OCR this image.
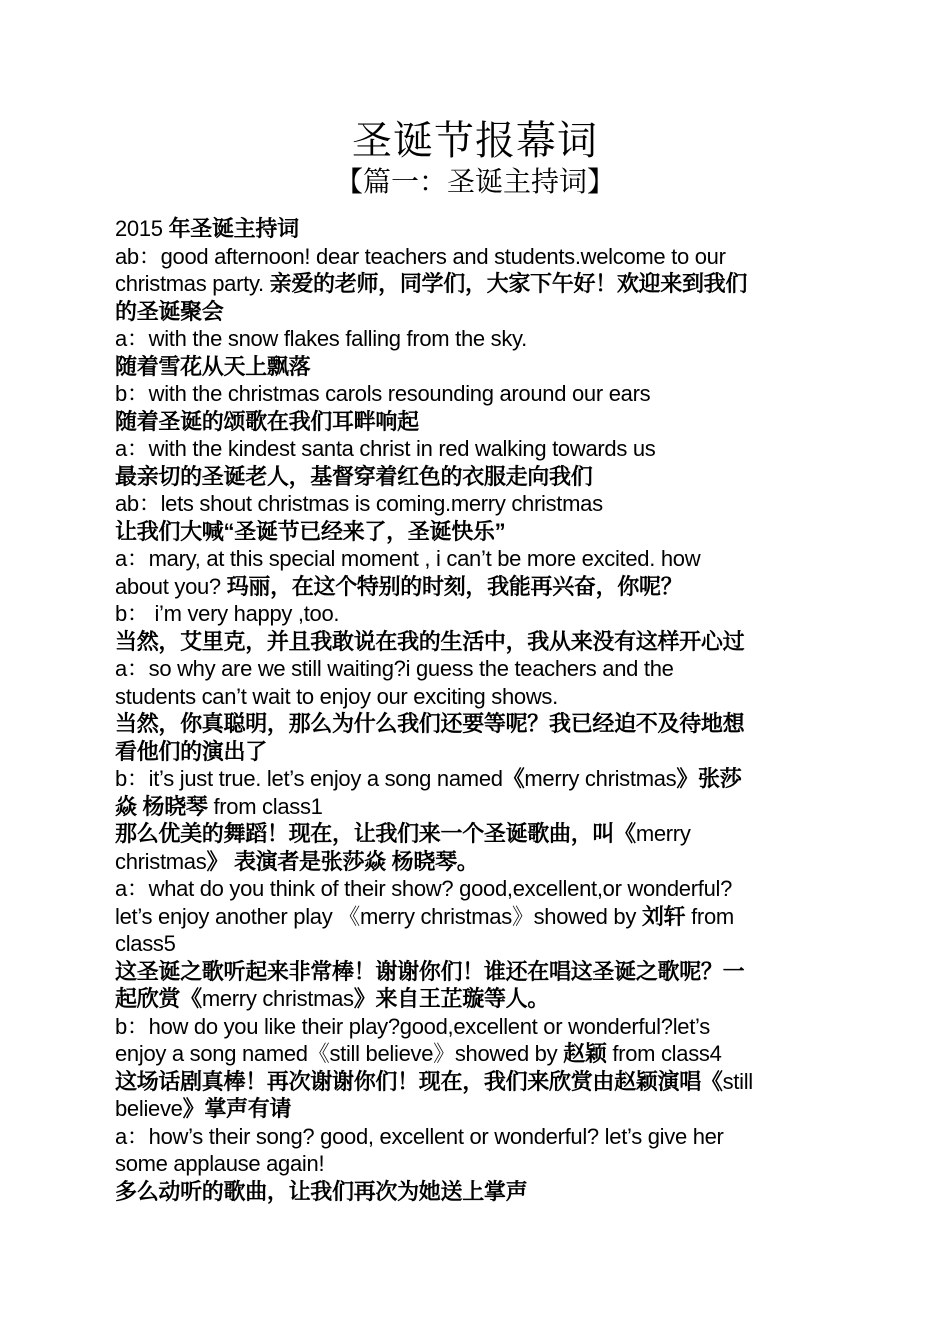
圣诞节报幕词
【篇一：圣诞主持词】
2015 年圣诞主持词
ab：good afternoon! dear teachers and students.welcome to our
christmas party. 亲爱的老师，同学们，大家下午好！欢迎来到我们
的圣诞聚会
a：with the snow flakes falling from the sky.
随着雪花从天上飘落
b：with the christmas carols resounding around our ears
随着圣诞的颂歌在我们耳畔响起
a：with the kindest santa christ in red walking towards us
最亲切的圣诞老人，基督穿着红色的衣服走向我们
ab：lets shout christmas is coming.merry christmas
让我们大喊“圣诞节已经来了，圣诞快乐”
a：mary, at this special moment , i can’t be more excited. how
about you? 玛丽，在这个特别的时刻，我能再兴奋，你呢？
b： i’m very happy ,too.
当然，艾里克，并且我敢说在我的生活中，我从来没有这样开心过
a：so why are we still waiting?i guess the teachers and the
students can’t wait to enjoy our exciting shows.
当然，你真聪明，那么为什么我们还要等呢？我已经迫不及待地想
看他们的演出了
b：it’s just true. let’s enjoy a song named《merry christmas》张莎
焱 杨晓琴 from class1
那么优美的舞蹈！现在，让我们来一个圣诞歌曲，叫《merry
christmas》 表演者是张莎焱 杨晓琴。
a：what do you think of their show? good,excellent,or wonderful?
let’s enjoy another play 《merry christmas》showed by 刘轩 from
class5
这圣诞之歌听起来非常棒！谢谢你们！谁还在唱这圣诞之歌呢？一
起欣赏《merry christmas》来自王芷璇等人。
b：how do you like their play?good,excellent or wonderful?let’s
enjoy a song named《still believe》showed by 赵颖 from class4
这场话剧真棒！再次谢谢你们！现在，我们来欣赏由赵颖演唱《still
believe》掌声有请
a：how’s their song? good, excellent or wonderful? let’s give her
some applause again!
多么动听的歌曲，让我们再次为她送上掌声
